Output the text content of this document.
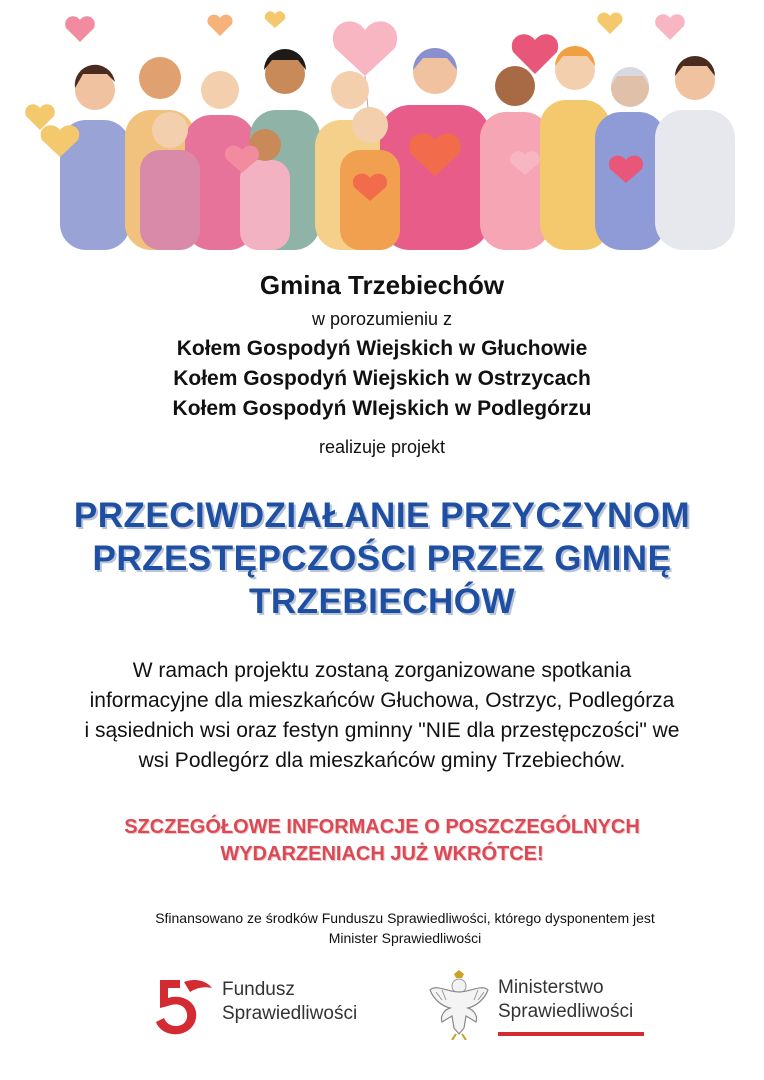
Gmina Trzebiechów

w porozumieniu z

Kołem Gospodyń Wiejskich w Głuchowie

Kołem Gospodyń Wiejskich w Ostrzycach

Kołem Gospodyń WIejskich w Podlegórzu

realizuje projekt

PRZECIWDZIAŁANIE PRZYCZYNOM
PRZESTĘPCZOŚCI PRZEZ GMINĘ
TRZEBIECHÓW

W ramach projektu zostaną zorganizowane spotkania
informacyjne dla mieszkańców Głuchowa, Ostrzyc, Podlegórza
i sąsiednich wsi oraz festyn gminny "NIE dla przestępczości" we
wsi Podlegórz dla mieszkańców gminy Trzebiechów.

SZCZEGÓŁOWE INFORMACJE O POSZCZEGÓLNYCH
WYDARZENIACH JUŻ WKRÓTCE!

Sfinansowano ze środków Funduszu Sprawiedliwości, którego dysponentem jest
Minister Sprawiedliwości

Fundusz
Sprawiedliwości
Ministerstwo
Sprawiedliwości
